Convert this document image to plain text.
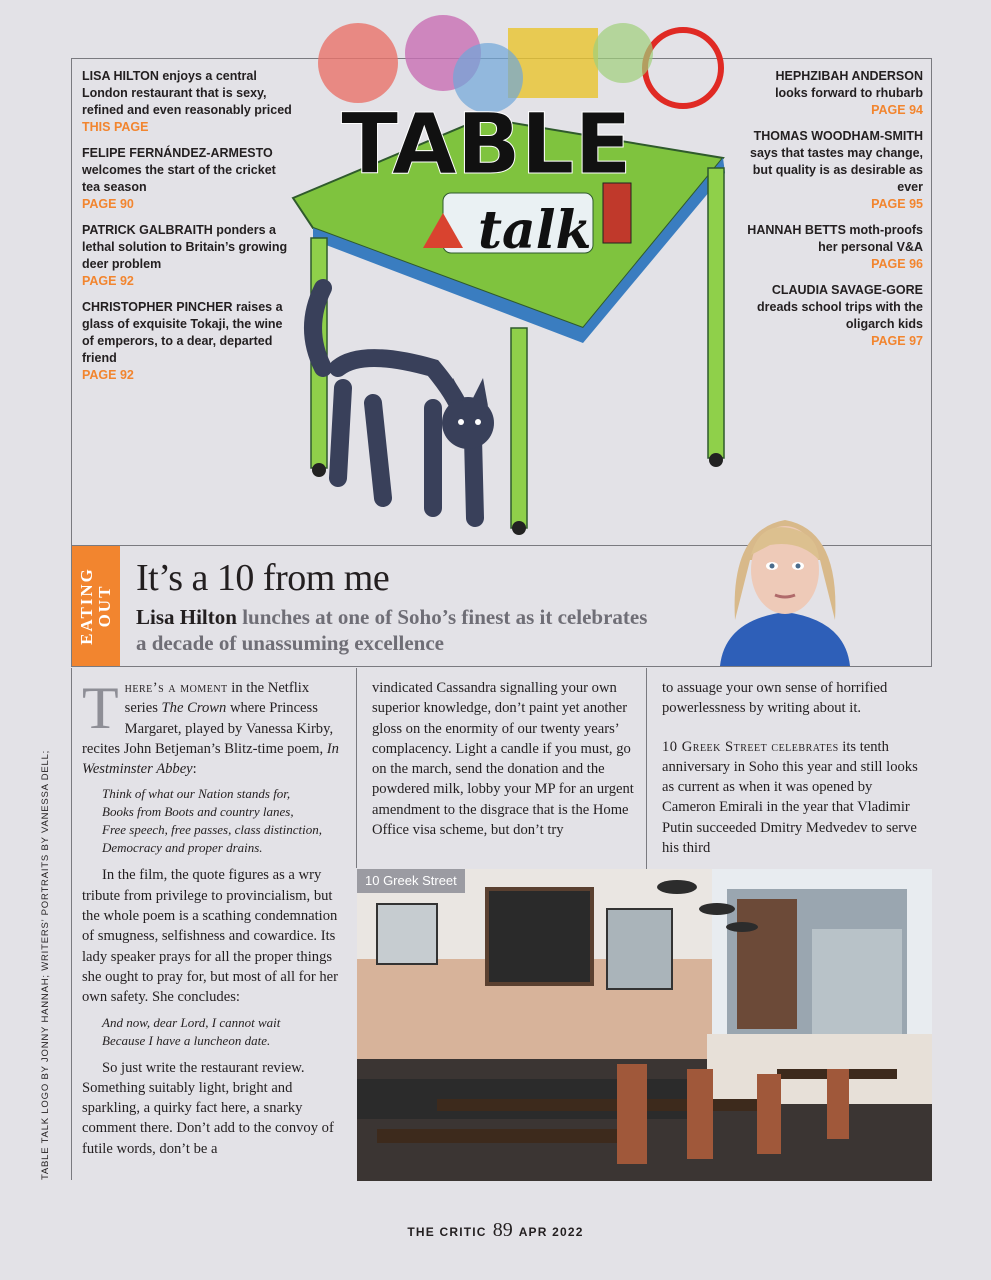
TABLE
talk
LISA HILTON enjoys a central London restaurant that is sexy, refined and even reasonably priced
THIS PAGE
FELIPE FERNÁNDEZ-ARMESTO welcomes the start of the cricket tea season
PAGE 90
PATRICK GALBRAITH ponders a lethal solution to Britain’s growing deer problem
PAGE 92
CHRISTOPHER PINCHER raises a glass of exquisite Tokaji, the wine of emperors, to a dear, departed friend
PAGE 92
HEPHZIBAH ANDERSON looks forward to rhubarb
PAGE 94
THOMAS WOODHAM-SMITH says that tastes may change, but quality is as desirable as ever
PAGE 95
HANNAH BETTS moth-proofs her personal V&A
PAGE 96
CLAUDIA SAVAGE-GORE dreads school trips with the oligarch kids
PAGE 97
EATING OUT
It’s a 10 from me
Lisa Hilton lunches at one of Soho’s finest as it celebrates a decade of unassuming excellence

There’s a moment in the Netflix series The Crown where Princess Margaret, played by Vanessa Kirby, recites John Betjeman’s Blitz-time poem, In Westminster Abbey:

Think of what our Nation stands for,
Books from Boots and country lanes,
Free speech, free passes, class distinction,
Democracy and proper drains.

In the film, the quote figures as a wry tribute from privilege to provincialism, but the whole poem is a scathing condemnation of smugness, selfishness and cowardice. Its lady speaker prays for all the proper things she ought to pray for, but most of all for her own safety. She concludes:

And now, dear Lord, I cannot wait
Because I have a luncheon date.

So just write the restaurant review. Something suitably light, bright and sparkling, a quirky fact here, a snarky comment there. Don’t add to the convoy of futile words, don’t be a

vindicated Cassandra signalling your own superior knowledge, don’t paint yet another gloss on the enormity of our twenty years’ complacency. Light a candle if you must, go on the march, send the donation and the powdered milk, lobby your MP for an urgent amendment to the disgrace that is the Home Office visa scheme, but don’t try

to assuage your own sense of horrified powerlessness by writing about it.

10 Greek Street celebrates its tenth anniversary in Soho this year and still looks as current as when it was opened by Cameron Emirali in the year that Vladimir Putin succeeded Dmitry Medvedev to serve his third

10 Greek Street
TABLE TALK LOGO BY JONNY HANNAH; WRITERS’ PORTRAITS BY VANESSA DELL;
THE CRITIC 89 APR 2022
